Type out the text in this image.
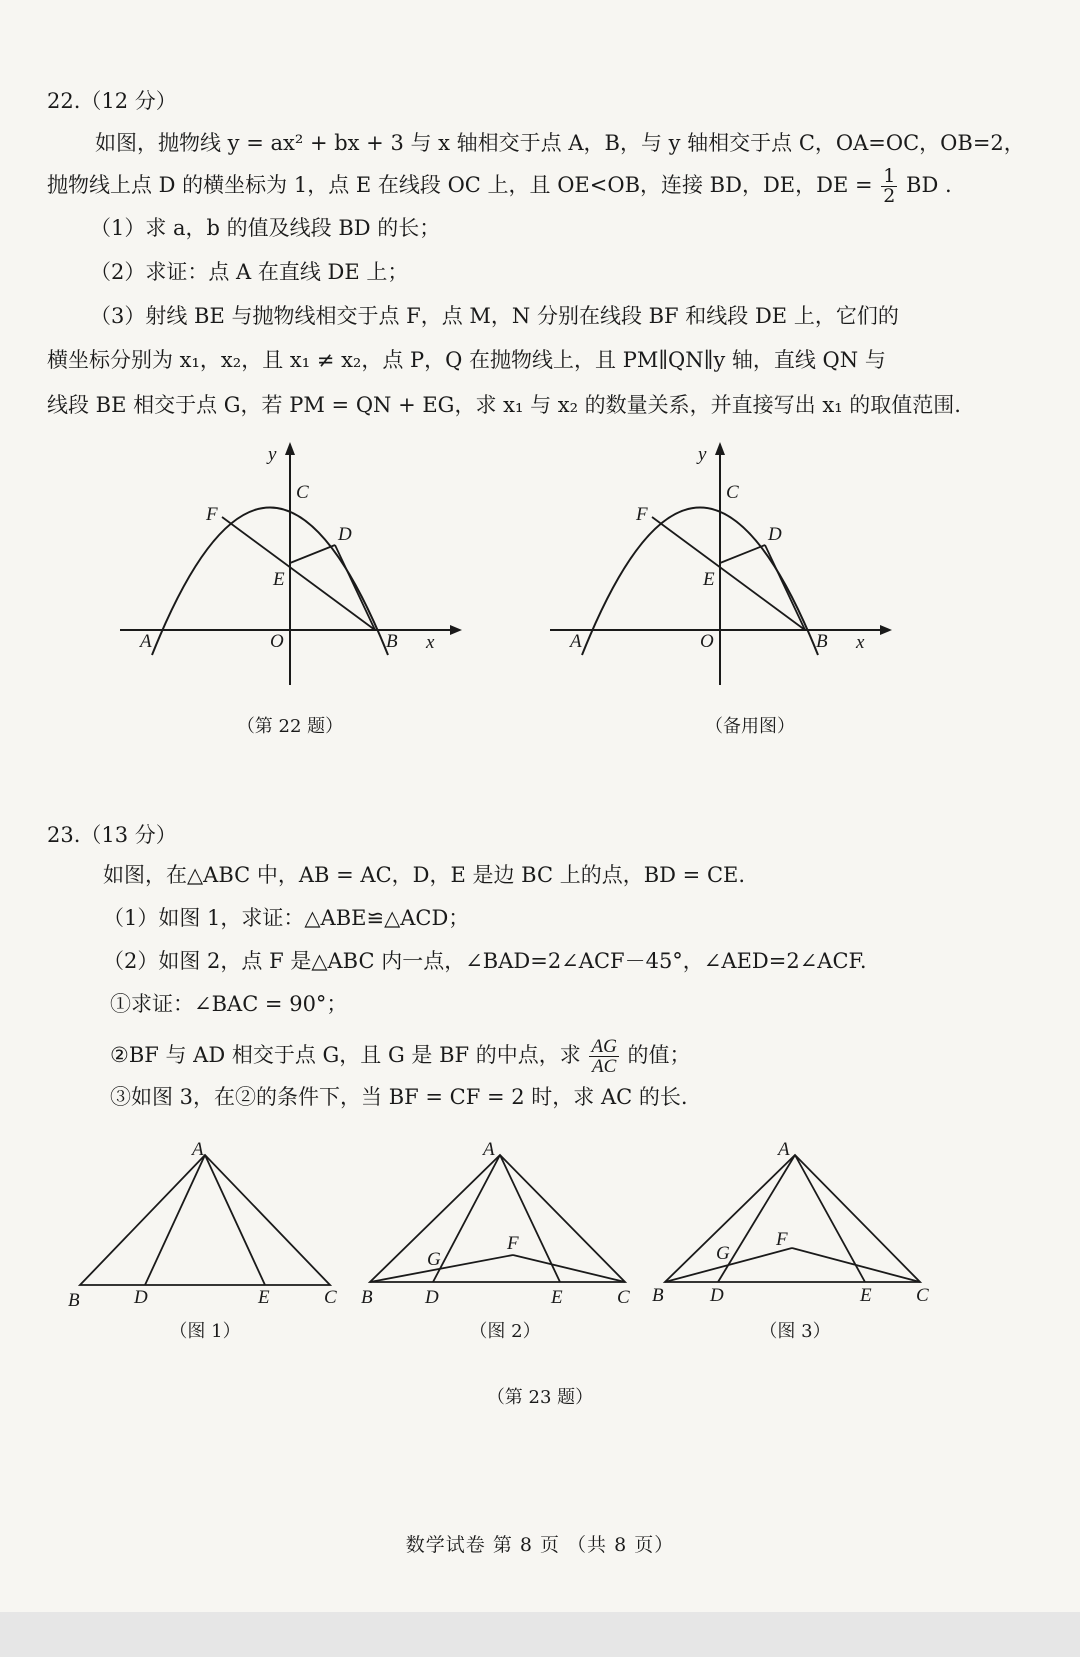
22.（12 分）
如图，抛物线 y = ax² + bx + 3 与 x 轴相交于点 A，B，与 y 轴相交于点 C，OA=OC，OB=2，
抛物线上点 D 的横坐标为 1，点 E 在线段 OC 上，且 OE<OB，连接 BD，DE，DE = $\frac{1}{2}$ BD .
（1）求 a，b 的值及线段 BD 的长；
（2）求证：点 A 在直线 DE 上；
（3）射线 BE 与抛物线相交于点 F，点 M，N 分别在线段 BF 和线段 DE 上，它们的
横坐标分别为 x₁，x₂，且 x₁ ≠ x₂，点 P，Q 在抛物线上，且 PM∥QN∥y 轴，直线 QN 与
线段 BE 相交于点 G，若 PM = QN + EG，求 x₁ 与 x₂ 的数量关系，并直接写出 x₁ 的取值范围.
y
x
C
F
D
E
A	O	B
（第 22 题）
y
x
C
F
D
E
A	O	B
（备用图）
23.（13 分）
如图，在△ABC 中，AB = AC，D，E 是边 BC 上的点，BD = CE.
（1）如图 1，求证：△ABE≌△ACD；
（2）如图 2，点 F 是△ABC 内一点，∠BAD=2∠ACF－45°，∠AED=2∠ACF.
①求证：∠BAC = 90°；
②BF 与 AD 相交于点 G，且 G 是 BF 的中点，求 $\frac{AG}{AC}$ 的值；
③如图 3，在②的条件下，当 BF = CF = 2 时，求 AC 的长.
A
B	D	E	C
（图 1）
A
G
F
B	D	E	C
（图 2）
A
G
F
B D	E C
（图 3）
（第 23 题）
数学试卷 第 8 页 （共 8 页）
